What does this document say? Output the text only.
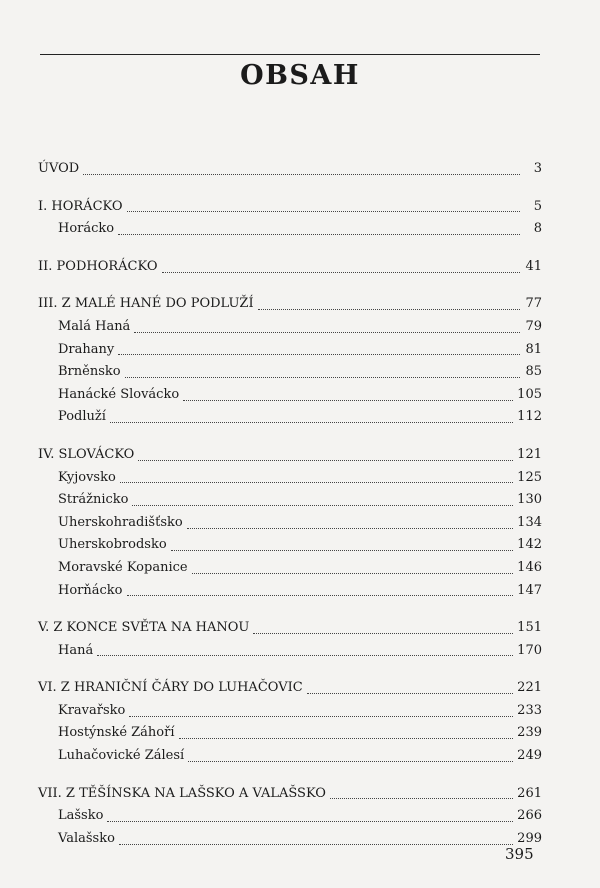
OBSAH
ÚVOD	3
I. HORÁCKO	5
Horácko	8
II. PODHORÁCKO	41
III. Z MALÉ HANÉ DO PODLUŽÍ	77
Malá Haná	79
Drahany	81
Brněnsko	85
Hanácké Slovácko	105
Podluží	112
IV. SLOVÁCKO	121
Kyjovsko	125
Strážnicko	130
Uherskohradišťsko	134
Uherskobrodsko	142
Moravské Kopanice	146
Horňácko	147
V. Z KONCE SVĚTA NA HANOU	151
Haná	170
VI. Z HRANIČNÍ ČÁRY DO LUHAČOVIC	221
Kravařsko	233
Hostýnské Záhoří	239
Luhačovické Zálesí	249
VII. Z TĚŠÍNSKA NA LAŠSKO A VALAŠSKO	261
Lašsko	266
Valašsko	299
395
